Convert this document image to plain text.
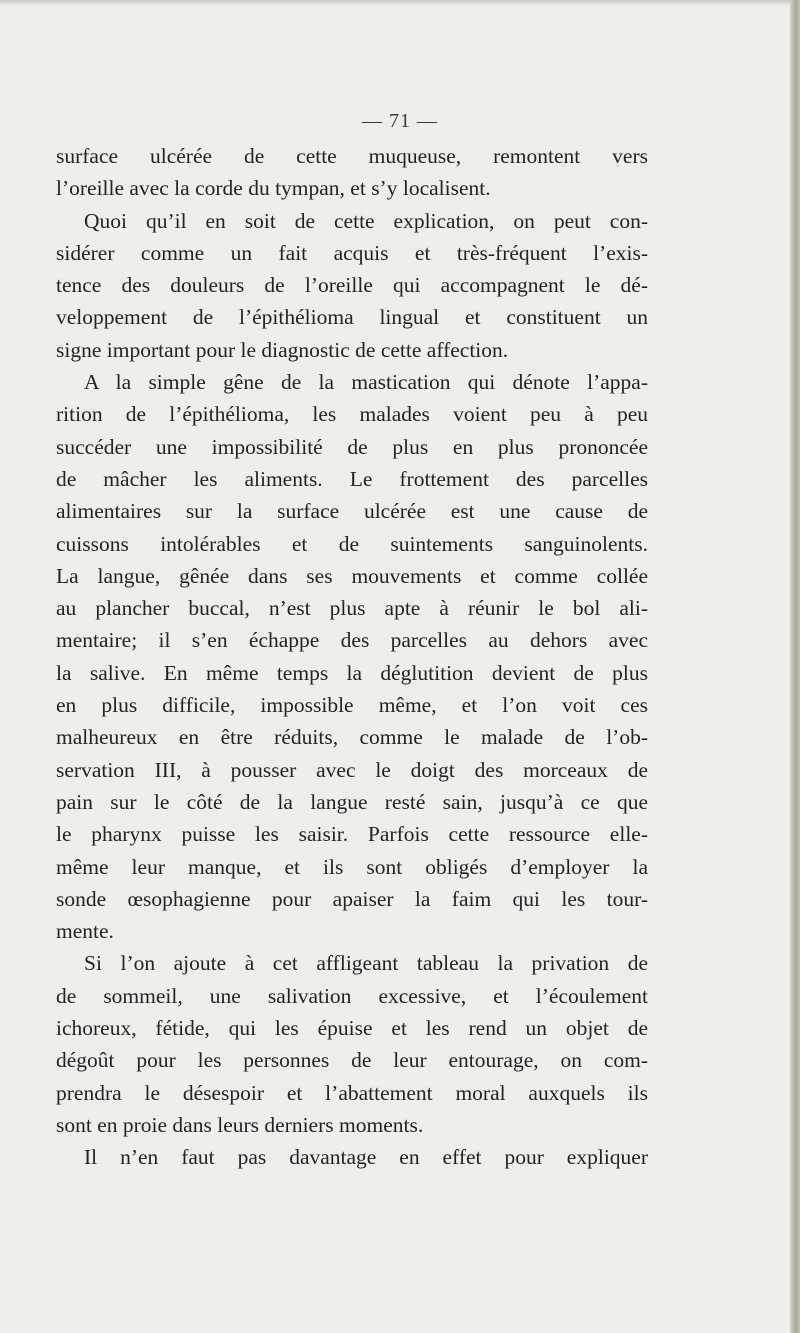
— 71 —
surface ulcérée de cette muqueuse, remontent vers
l’oreille avec la corde du tympan, et s’y localisent.
Quoi qu’il en soit de cette explication, on peut con-
sidérer comme un fait acquis et très-fréquent l’exis-
tence des douleurs de l’oreille qui accompagnent le dé-
veloppement de l’épithélioma lingual et constituent un
signe important pour le diagnostic de cette affection.
A la simple gêne de la mastication qui dénote l’appa-
rition de l’épithélioma, les malades voient peu à peu
succéder une impossibilité de plus en plus prononcée
de mâcher les aliments. Le frottement des parcelles
alimentaires sur la surface ulcérée est une cause de
cuissons intolérables et de suintements sanguinolents.
La langue, gênée dans ses mouvements et comme collée
au plancher buccal, n’est plus apte à réunir le bol ali-
mentaire; il s’en échappe des parcelles au dehors avec
la salive. En même temps la déglutition devient de plus
en plus difficile, impossible même, et l’on voit ces
malheureux en être réduits, comme le malade de l’ob-
servation III, à pousser avec le doigt des morceaux de
pain sur le côté de la langue resté sain, jusqu’à ce que
le pharynx puisse les saisir. Parfois cette ressource elle-
même leur manque, et ils sont obligés d’employer la
sonde œsophagienne pour apaiser la faim qui les tour-
mente.
Si l’on ajoute à cet affligeant tableau la privation de
de sommeil, une salivation excessive, et l’écoulement
ichoreux, fétide, qui les épuise et les rend un objet de
dégoût pour les personnes de leur entourage, on com-
prendra le désespoir et l’abattement moral auxquels ils
sont en proie dans leurs derniers moments.
Il n’en faut pas davantage en effet pour expliquer
